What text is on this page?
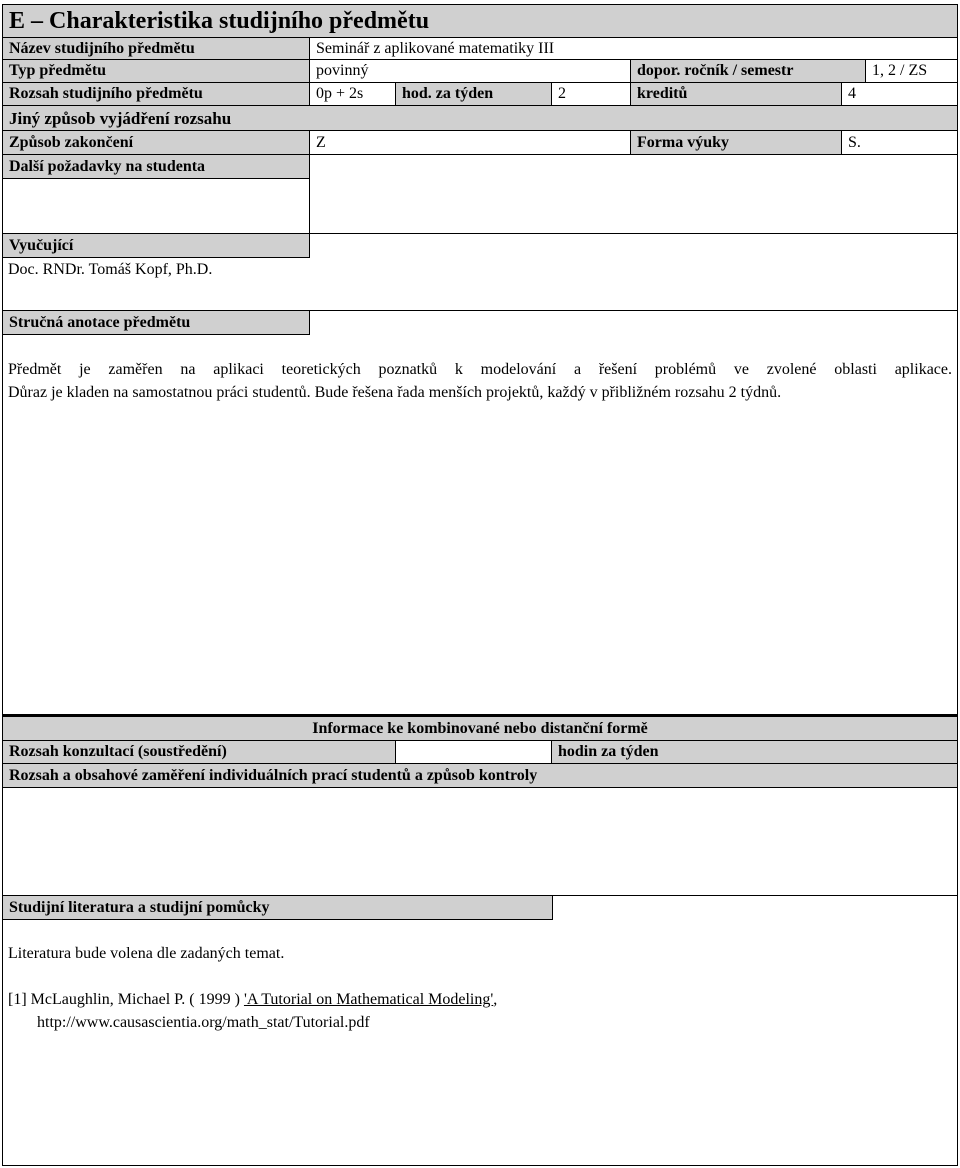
E – Charakteristika studijního předmětu
Název studijního předmětu	Seminář z aplikované matematiky III
Typ předmětu	povinný	dopor. ročník / semestr	1, 2 / ZS
Rozsah studijního předmětu	0p + 2s	hod. za týden	2	kreditů	4
Jiný způsob vyjádření rozsahu
Způsob zakončení	Z	Forma výuky	S.
Další požadavky na studenta
Vyučující
Doc. RNDr. Tomáš Kopf, Ph.D.
Stručná anotace předmětu
Předmět je zaměřen na aplikaci teoretických poznatků k modelování a řešení problémů ve zvolené oblasti aplikace.
Důraz je kladen na samostatnou práci studentů. Bude řešena řada menších projektů, každý v přibližném rozsahu 2 týdnů.
Informace ke kombinované nebo distanční formě
Rozsah konzultací (soustředění)	hodin za týden
Rozsah a obsahové zaměření individuálních prací studentů a způsob kontroly
Studijní literatura a studijní pomůcky
Literatura bude volena dle zadaných temat.
[1] McLaughlin, Michael P. ( 1999 ) 'A Tutorial on Mathematical Modeling',
http://www.causascientia.org/math_stat/Tutorial.pdf
